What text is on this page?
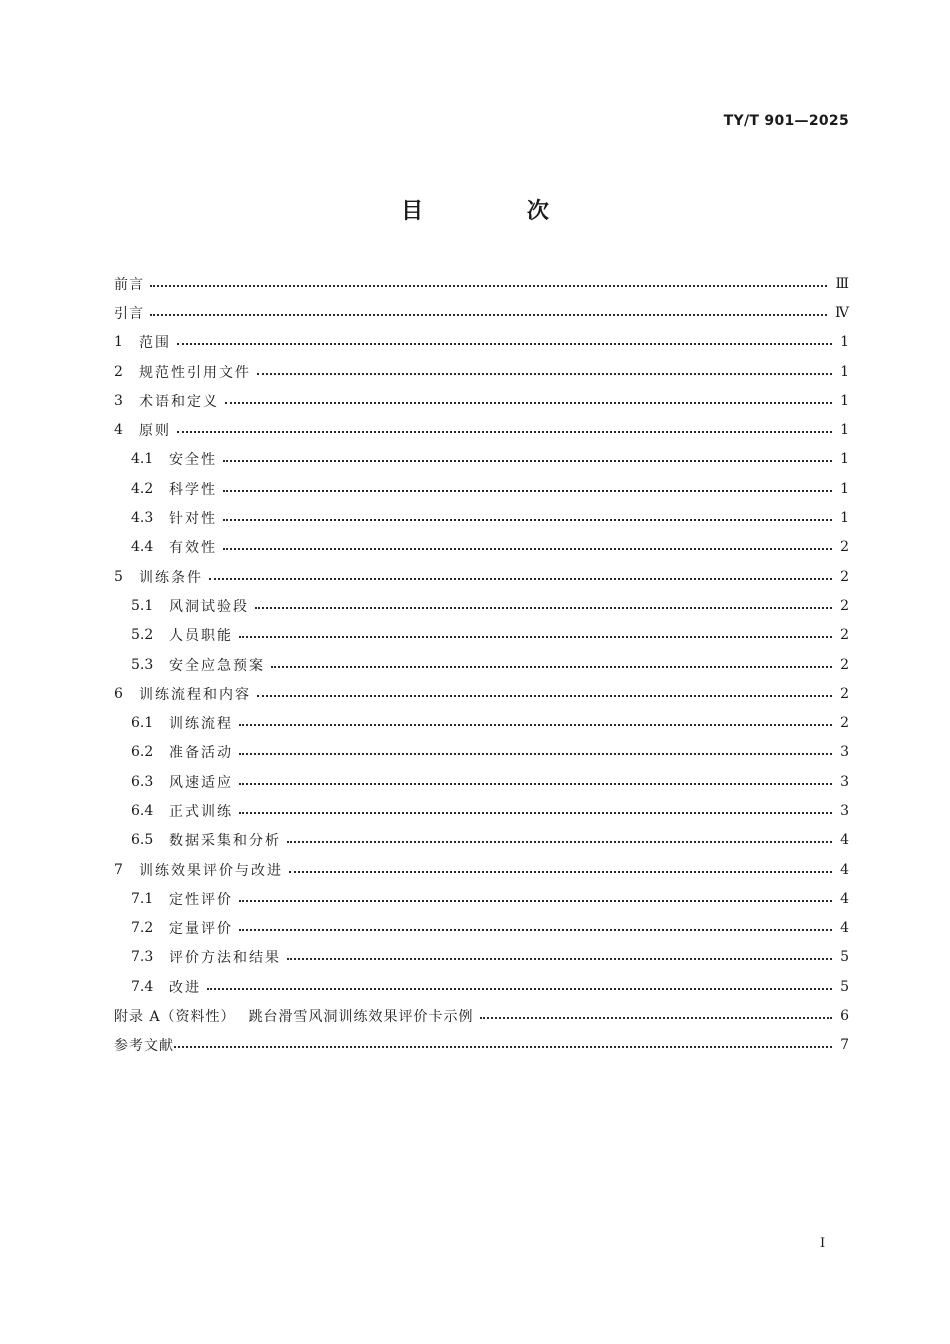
TY/T 901—2025
目 次
前言	Ⅲ
引言	Ⅳ
1	范围	1
2	规范性引用文件	1
3	术语和定义	1
4	原则	1
4.1	安全性	1
4.2	科学性	1
4.3	针对性	1
4.4	有效性	2
5	训练条件	2
5.1	风洞试验段	2
5.2	人员职能	2
5.3	安全应急预案	2
6	训练流程和内容	2
6.1	训练流程	2
6.2	准备活动	3
6.3	风速适应	3
6.4	正式训练	3
6.5	数据采集和分析	4
7	训练效果评价与改进	4
7.1	定性评价	4
7.2	定量评价	4
7.3	评价方法和结果	5
7.4	改进	5
附录 A（资料性） 跳台滑雪风洞训练效果评价卡示例	6
参考文献	7
I
